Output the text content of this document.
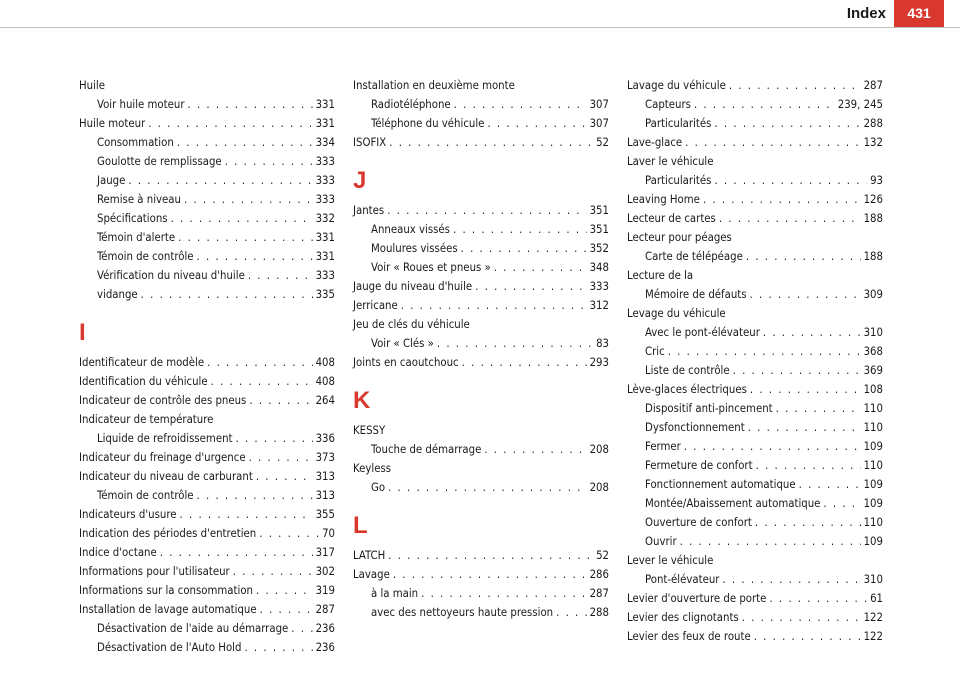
Index	431
Huile
Voir huile moteur . . .	331
Huile moteur . . .	331
Consommation . . .	334
Goulotte de remplissage . . .	333
Jauge . . .	333
Remise à niveau . . .	333
Spécifications . . .	332
Témoin d'alerte . . .	331
Témoin de contrôle . . .	331
Vérification du niveau d'huile . . .	333
vidange . . .	335
I
Identificateur de modèle . . .	408
Identification du véhicule . . .	408
Indicateur de contrôle des pneus . . .	264
Indicateur de température
Liquide de refroidissement . . .	336
Indicateur du freinage d'urgence . . .	373
Indicateur du niveau de carburant . . .	313
Témoin de contrôle . . .	313
Indicateurs d'usure . . .	355
Indication des périodes d'entretien . . .	70
Indice d'octane . . .	317
Informations pour l'utilisateur . . .	302
Informations sur la consommation . . .	319
Installation de lavage automatique . . .	287
Désactivation de l'aide au démarrage . . . 236
Désactivation de l'Auto Hold . . .	236
Installation en deuxième monte
Radiotéléphone . . .	307
Téléphone du véhicule . . .	307
ISOFIX . . .	52
J
Jantes . . .	351
Anneaux vissés . . .	351
Moulures vissées . . .	352
Voir « Roues et pneus » . . .	348
Jauge du niveau d'huile . . .	333
Jerricane . . .	312
Jeu de clés du véhicule
Voir « Clés » . . .	83
Joints en caoutchouc . . .	293
K
KESSY
Touche de démarrage . . .	208
Keyless
Go . . .	208
L
LATCH . . .	52
Lavage . . .	286
à la main . . .	287
avec des nettoyeurs haute pression . . .	288
Lavage du véhicule . . .	287
Capteurs . . .	239, 245
Particularités . . .	288
Lave-glace . . .	132
Laver le véhicule
Particularités . . .	93
Leaving Home . . .	126
Lecteur de cartes . . .	188
Lecteur pour péages
Carte de télépéage . . .	188
Lecture de la
Mémoire de défauts . . .	309
Levage du véhicule
Avec le pont-élévateur . . .	310
Cric . . .	368
Liste de contrôle . . .	369
Lève-glaces électriques . . .	108
Dispositif anti-pincement . . .	110
Dysfonctionnement . . .	110
Fermer . . .	109
Fermeture de confort . . .	110
Fonctionnement automatique . . .	109
Montée/Abaissement automatique . . .	109
Ouverture de confort . . .	110
Ouvrir . . .	109
Lever le véhicule
Pont-élévateur . . .	310
Levier d'ouverture de porte . . .	61
Levier des clignotants . . .	122
Levier des feux de route . . .	122
